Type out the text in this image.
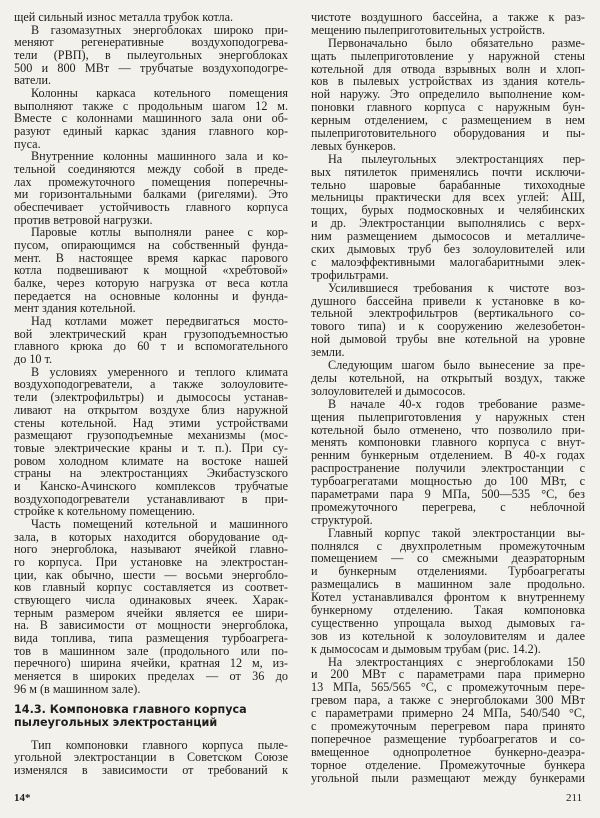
щей сильный износ металла трубок котла.
В газомазутных энергоблоках широко при-
меняют регенеративные воздухоподогрева-
тели (РВП), в пылеугольных энергоблоках
500 и 800 МВт — трубчатые воздухоподогре-
ватели.
Колонны каркаса котельного помещения
выполняют также с продольным шагом 12 м.
Вместе с колоннами машинного зала они об-
разуют единый каркас здания главного кор-
пуса.
Внутренние колонны машинного зала и ко-
тельной соединяются между собой в преде-
лах промежуточного помещения поперечны-
ми горизонтальными балками (ригелями). Это
обеспечивает устойчивость главного корпуса
против ветровой нагрузки.
Паровые котлы выполняли ранее с кор-
пусом, опирающимся на собственный фунда-
мент. В настоящее время каркас парового
котла подвешивают к мощной «хребтовой»
балке, через которую нагрузка от веса котла
передается на основные колонны и фунда-
мент здания котельной.
Над котлами может передвигаться мосто-
вой электрический кран грузоподъемностью
главного крюка до 60 т и вспомогательного
до 10 т.
В условиях умеренного и теплого климата
воздухоподогреватели, а также золоуловите-
тели (электрофильтры) и дымососы устанав-
ливают на открытом воздухе близ наружной
стены котельной. Над этими устройствами
размещают грузоподъемные механизмы (мос-
товые электрические краны и т. п.). При су-
ровом холодном климате на востоке нашей
страны на электростанциях Экибастузского
и Канско-Ачинского комплексов трубчатые
воздухоподогреватели устанавливают в при-
стройке к котельному помещению.
Часть помещений котельной и машинного
зала, в которых находится оборудование од-
ного энергоблока, называют ячейкой главно-
го корпуса. При установке на электростан-
ции, как обычно, шести — восьми энергобло-
ков главный корпус составляется из соответ-
ствующего числа одинаковых ячеек. Харак-
терным размером ячейки является ее шири-
на. В зависимости от мощности энергоблока,
вида топлива, типа размещения турбоагрега-
тов в машинном зале (продольного или по-
перечного) ширина ячейки, кратная 12 м, из-
меняется в широких пределах — от 36 до
96 м (в машинном зале).
14.3. Компоновка главного корпуса
пылеугольных электростанций
Тип компоновки главного корпуса пыле-
угольной электростанции в Советском Союзе
изменялся в зависимости от требований к
чистоте воздушного бассейна, а также к раз-
мещению пылеприготовительных устройств.
Первоначально было обязательно разме-
щать пылеприготовление у наружной стены
котельной для отвода взрывных волн и хлоп-
ков в пылевых устройствах из здания котель-
ной наружу. Это определило выполнение ком-
поновки главного корпуса с наружным бун-
керным отделением, с размещением в нем
пылеприготовительного оборудования и пы-
левых бункеров.
На пылеугольных электростанциях пер-
вых пятилеток применялись почти исключи-
тельно шаровые барабанные тихоходные
мельницы практически для всех углей: АШ,
тощих, бурых подмосковных и челябинских
и др. Электростанции выполнялись с верх-
ним размещением дымососов и металличе-
ских дымовых труб без золоуловителей или
с малоэффективными малогабаритными элек-
трофильтрами.
Усилившиеся требования к чистоте воз-
душного бассейна привели к установке в ко-
тельной электрофильтров (вертикального со-
тового типа) и к сооружению железобетон-
ной дымовой трубы вне котельной на уровне
земли.
Следующим шагом было вынесение за пре-
делы котельной, на открытый воздух, также
золоуловителей и дымососов.
В начале 40-х годов требование разме-
щения пылеприготовления у наружных стен
котельной было отменено, что позволило при-
менять компоновки главного корпуса с внут-
ренним бункерным отделением. В 40-х годах
распространение получили электростанции с
турбоагрегатами мощностью до 100 МВт, с
параметрами пара 9 МПа, 500—535 °С, без
промежуточного перегрева, с неблочной
структурой.
Главный корпус такой электростанции вы-
полнялся с двухпролетным промежуточным
помещением — со смежными деаэраторным
и бункерным отделениями. Турбоагрегаты
размещались в машинном зале продольно.
Котел устанавливался фронтом к внутреннему
бункерному отделению. Такая компоновка
существенно упрощала выход дымовых га-
зов из котельной к золоуловителям и далее
к дымососам и дымовым трубам (рис. 14.2).
На электростанциях с энергоблоками 150
и 200 МВт с параметрами пара примерно
13 МПа, 565/565 °С, с промежуточным пере-
гревом пара, а также с энергоблоками 300 МВт
с параметрами примерно 24 МПа, 540/540 °С,
с промежуточным перегревом пара принято
поперечное размещение турбоагрегатов и со-
вмещенное однопролетное бункерно-деаэра-
торное отделение. Промежуточные бункера
угольной пыли размещают между бункерами
14*	211
